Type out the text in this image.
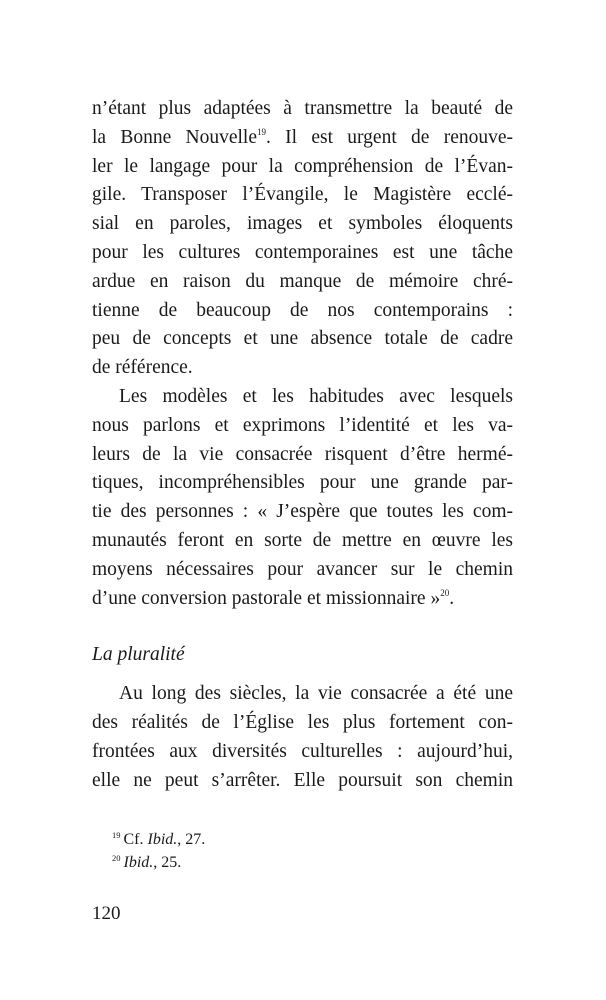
n’étant plus adaptées à transmettre la beauté de
la Bonne Nouvelle$^{19}$. Il est urgent de renouve-
ler le langage pour la compréhension de l’Évan-
gile. Transposer l’Évangile, le Magistère ecclé-
sial en paroles, images et symboles éloquents
pour les cultures contemporaines est une tâche
ardue en raison du manque de mémoire chré-
tienne de beaucoup de nos contemporains :
peu de concepts et une absence totale de cadre
de référence.

Les modèles et les habitudes avec lesquels
nous parlons et exprimons l’identité et les va-
leurs de la vie consacrée risquent d’être hermé-
tiques, incompréhensibles pour une grande par-
tie des personnes : « J’espère que toutes les com-
munautés feront en sorte de mettre en œuvre les
moyens nécessaires pour avancer sur le chemin
d’une conversion pastorale et missionnaire »$^{20}$.

La pluralité

Au long des siècles, la vie consacrée a été une
des réalités de l’Église les plus fortement con-
frontées aux diversités culturelles : aujourd’hui,
elle ne peut s’arrêter. Elle poursuit son chemin

$^{19}$ Cf. Ibid., 27.
$^{20}$ Ibid., 25.
120
